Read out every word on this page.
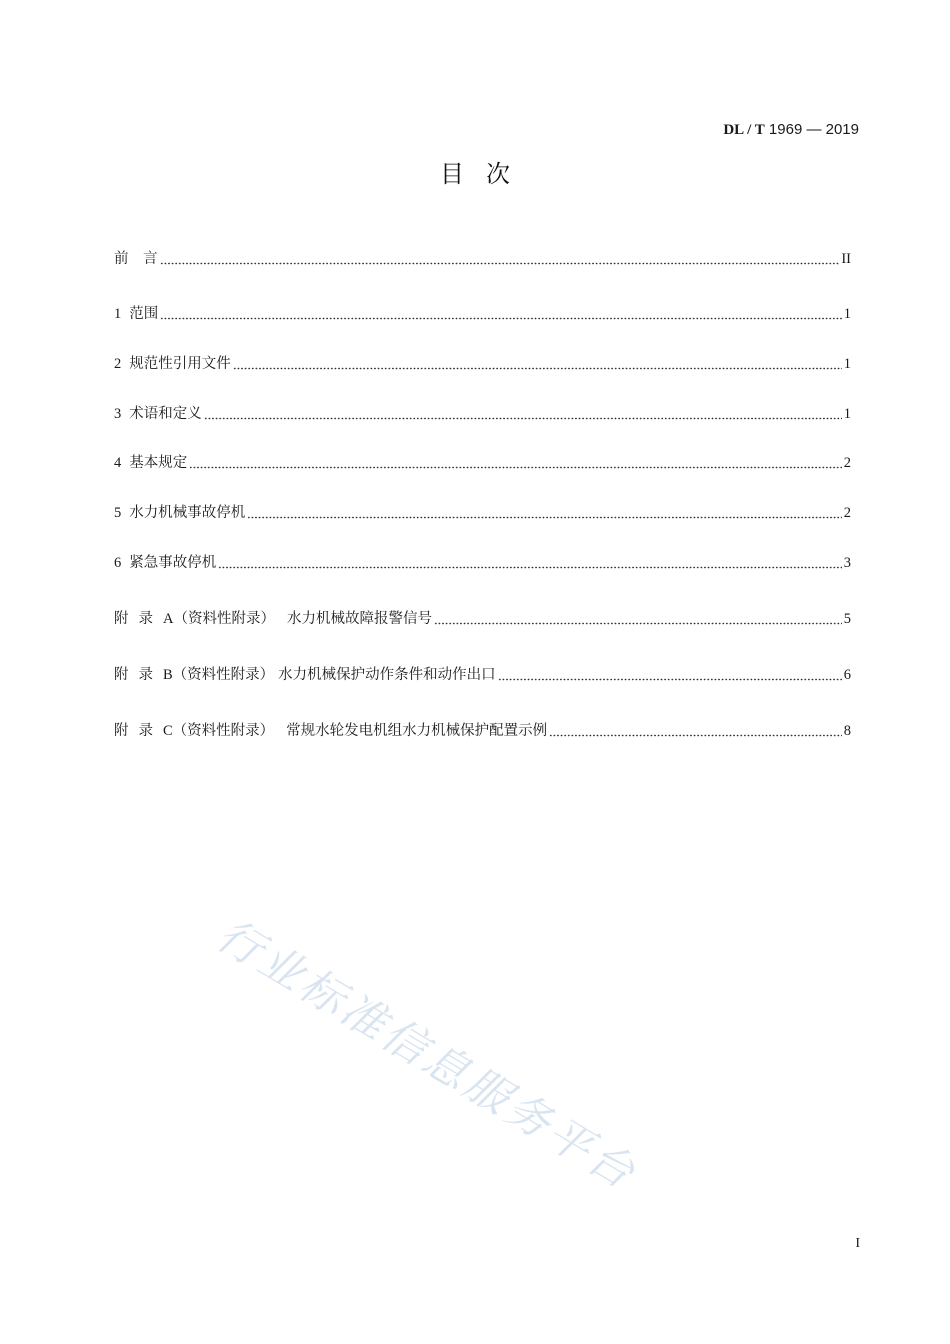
DL / T 1969 — 2019
目次
前　言	II
1 范围	1
2 规范性引用文件	1
3 术语和定义	1
4 基本规定	2
5 水力机械事故停机	2
6 紧急事故停机	3
附录A（资料性附录） 水力机械故障报警信号	5
附录B（资料性附录） 水力机械保护动作条件和动作出口	6
附录C（资料性附录） 常规水轮发电机组水力机械保护配置示例	8
行业标准信息服务平台
I
